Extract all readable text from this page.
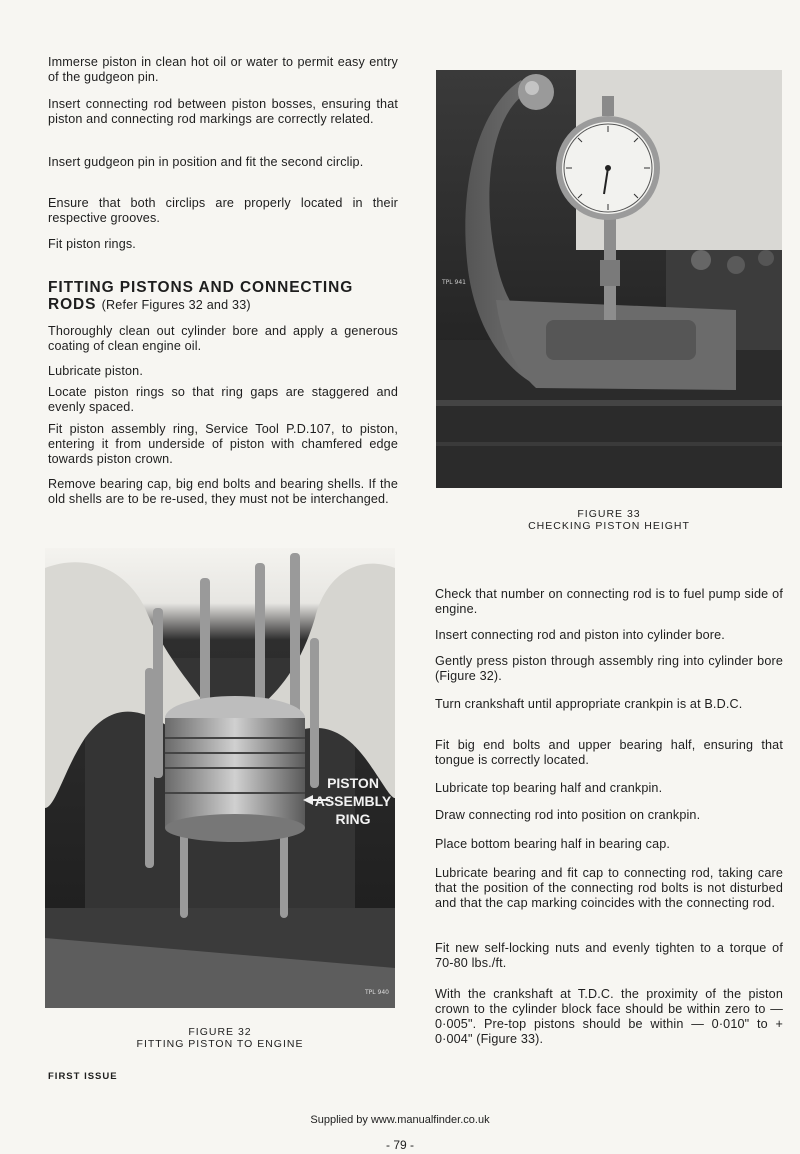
Immerse piston in clean hot oil or water to permit easy entry of the gudgeon pin.

Insert connecting rod between piston bosses, ensuring that piston and connecting rod markings are correctly related.

Insert gudgeon pin in position and fit the second circlip.

Ensure that both circlips are properly located in their respective grooves.

Fit piston rings.

FITTING PISTONS AND CONNECTING RODS (Refer Figures 32 and 33)

Thoroughly clean out cylinder bore and apply a generous coating of clean engine oil.

Lubricate piston.

Locate piston rings so that ring gaps are staggered and evenly spaced.

Fit piston assembly ring, Service Tool P.D.107, to piston, entering it from underside of piston with chamfered edge towards piston crown.

Remove bearing cap, big end bolts and bearing shells. If the old shells are to be re-used, they must not be interchanged.

TPL 941

FIGURE 33

CHECKING PISTON HEIGHT

PISTON
ASSEMBLY
RING
TPL 940

FIGURE 32

FITTING PISTON TO ENGINE

Check that number on connecting rod is to fuel pump side of engine.

Insert connecting rod and piston into cylinder bore.

Gently press piston through assembly ring into cylinder bore (Figure 32).

Turn crankshaft until appropriate crankpin is at B.D.C.

Fit big end bolts and upper bearing half, ensuring that tongue is correctly located.

Lubricate top bearing half and crankpin.

Draw connecting rod into position on crankpin.

Place bottom bearing half in bearing cap.

Lubricate bearing and fit cap to connecting rod, taking care that the position of the connecting rod bolts is not disturbed and that the cap marking coincides with the connecting rod.

Fit new self-locking nuts and evenly tighten to a torque of 70-80 lbs./ft.

With the crankshaft at T.D.C. the proximity of the piston crown to the cylinder block face should be within zero to — 0·005". Pre-top pistons should be within — 0·010" to + 0·004" (Figure 33).

FIRST ISSUE

Supplied by www.manualfinder.co.uk

- 79 -
